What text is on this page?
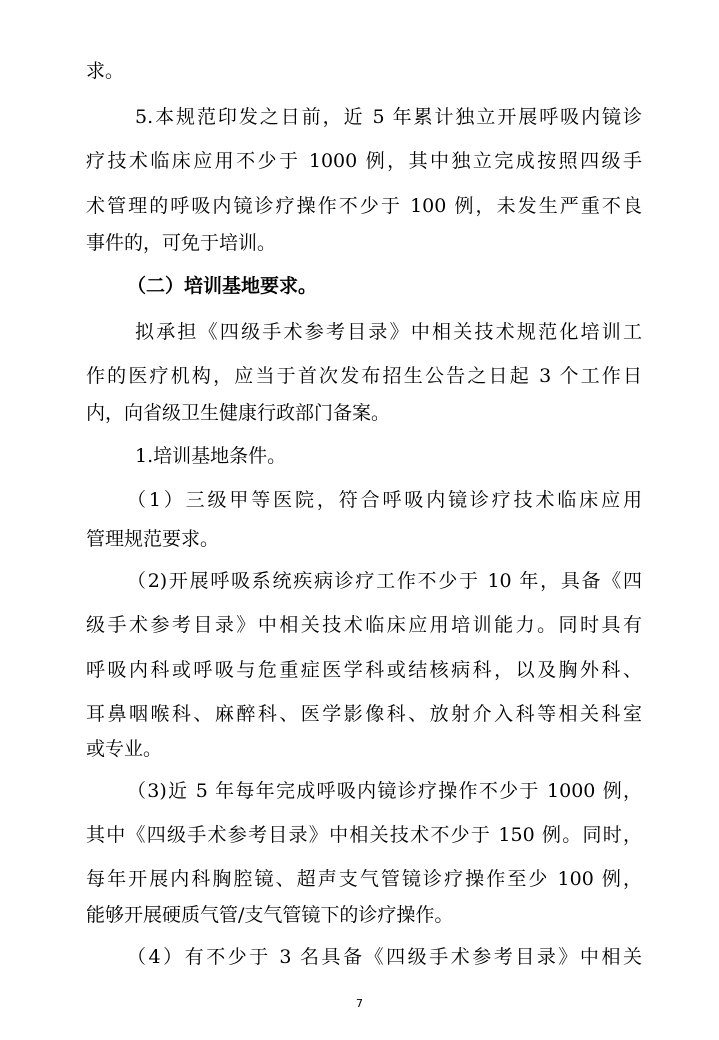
求。
5.本规范印发之日前，近 5 年累计独立开展呼吸内镜诊
疗技术临床应用不少于 1000 例，其中独立完成按照四级手
术管理的呼吸内镜诊疗操作不少于 100 例，未发生严重不良
事件的，可免于培训。
（二）培训基地要求。
拟承担《四级手术参考目录》中相关技术规范化培训工
作的医疗机构，应当于首次发布招生公告之日起 3 个工作日
内，向省级卫生健康行政部门备案。
1.培训基地条件。
（1）三级甲等医院，符合呼吸内镜诊疗技术临床应用
管理规范要求。
（2)开展呼吸系统疾病诊疗工作不少于 10 年，具备《四
级手术参考目录》中相关技术临床应用培训能力。同时具有
呼吸内科或呼吸与危重症医学科或结核病科，以及胸外科、
耳鼻咽喉科、麻醉科、医学影像科、放射介入科等相关科室
或专业。
（3)近 5 年每年完成呼吸内镜诊疗操作不少于 1000 例，
其中《四级手术参考目录》中相关技术不少于 150 例。同时，
每年开展内科胸腔镜、超声支气管镜诊疗操作至少 100 例，
能够开展硬质气管/支气管镜下的诊疗操作。
（4）有不少于 3 名具备《四级手术参考目录》中相关
7
